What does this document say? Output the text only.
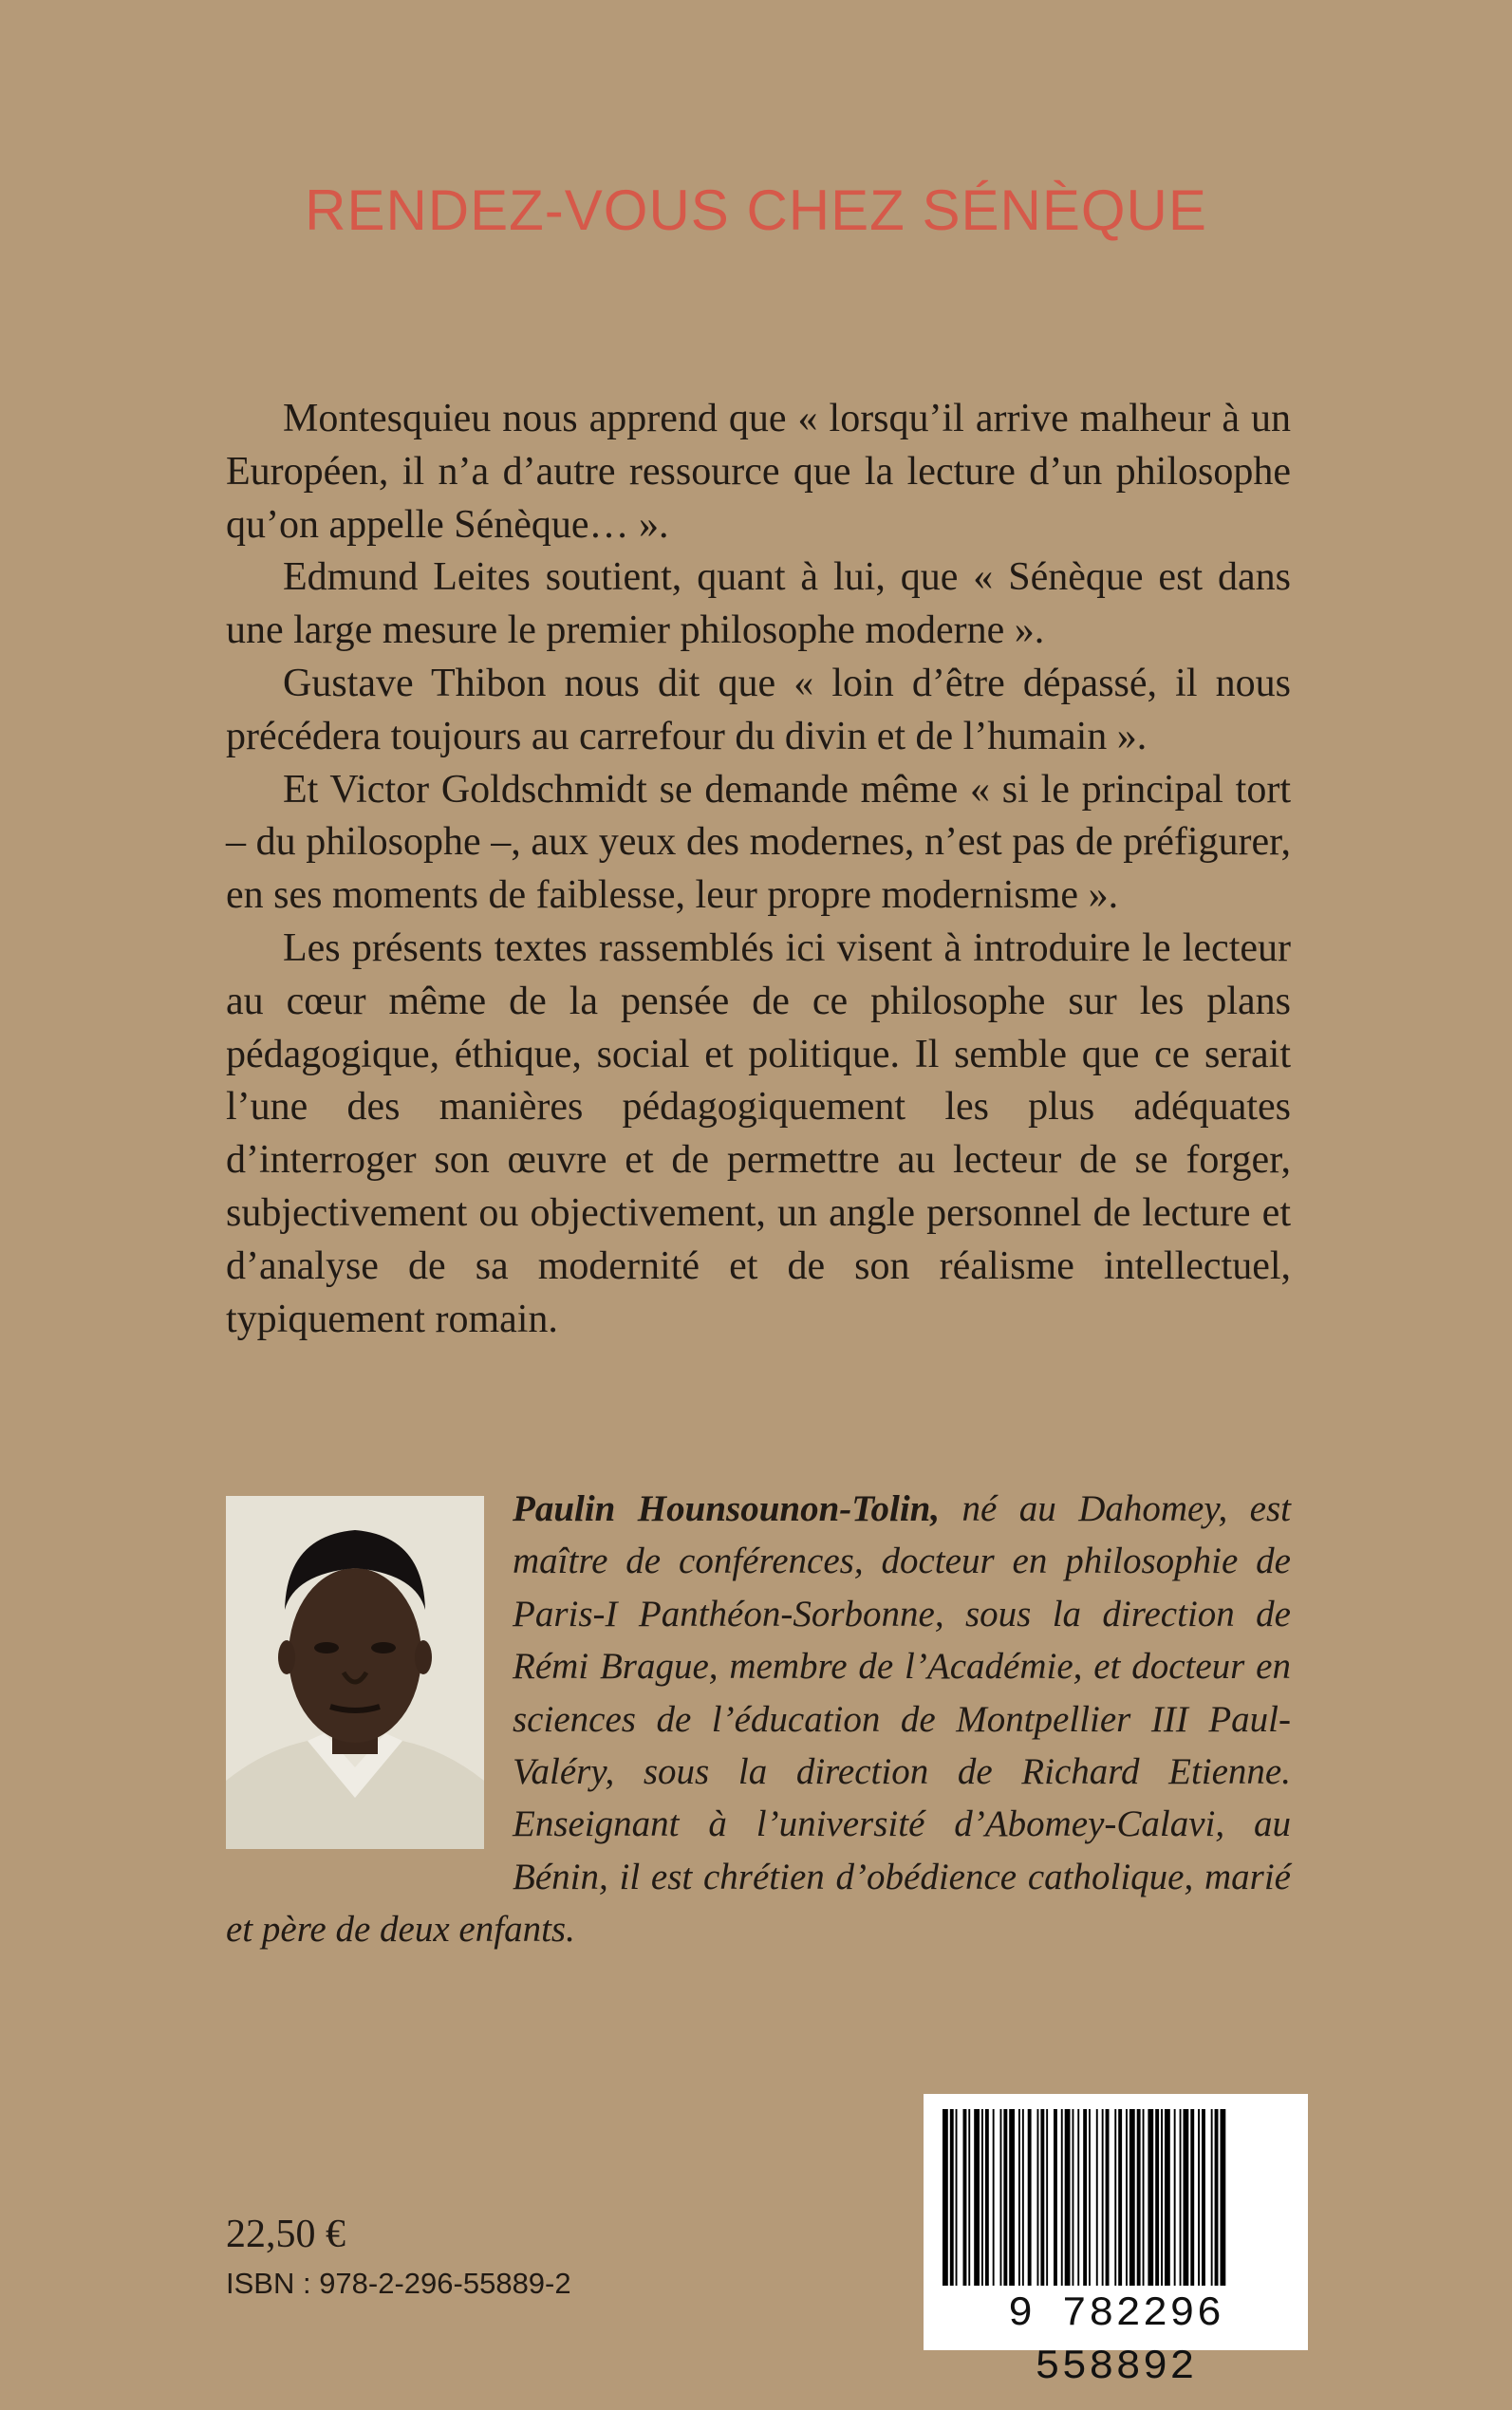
RENDEZ-VOUS CHEZ SÉNÈQUE

Montesquieu nous apprend que « lorsqu’il arrive malheur à un Européen, il n’a d’autre ressource que la lecture d’un philosophe qu’on appelle Sénèque… ».

Edmund Leites soutient, quant à lui, que « Sénèque est dans une large mesure le premier philosophe moderne ».

Gustave Thibon nous dit que « loin d’être dépassé, il nous précédera toujours au carrefour du divin et de l’humain ».

Et Victor Goldschmidt se demande même « si le principal tort – du philosophe –, aux yeux des modernes, n’est pas de préfigurer, en ses moments de faiblesse, leur propre modernisme ».

Les présents textes rassemblés ici visent à introduire le lecteur au cœur même de la pensée de ce philosophe sur les plans pédagogique, éthique, social et politique. Il semble que ce serait l’une des manières pédagogiquement les plus adéquates d’interroger son œuvre et de permettre au lecteur de se forger, subjectivement ou objectivement, un angle personnel de lecture et d’analyse de sa modernité et de son réalisme intellectuel, typiquement romain.

Paulin Hounsounon-Tolin, né au Dahomey, est maître de conférences, docteur en philosophie de Paris-I Panthéon-Sorbonne, sous la direction de Rémi Brague, membre de l’Académie, et docteur en sciences de l’éducation de Montpellier III Paul-Valéry, sous la direction de Richard Etienne. Enseignant à l’université d’Abomey-Calavi, au Bénin, il est chrétien d’obédience catholique, marié et père de deux enfants.
22,50 €
ISBN : 978-2-296-55889-2
9 782296 558892
